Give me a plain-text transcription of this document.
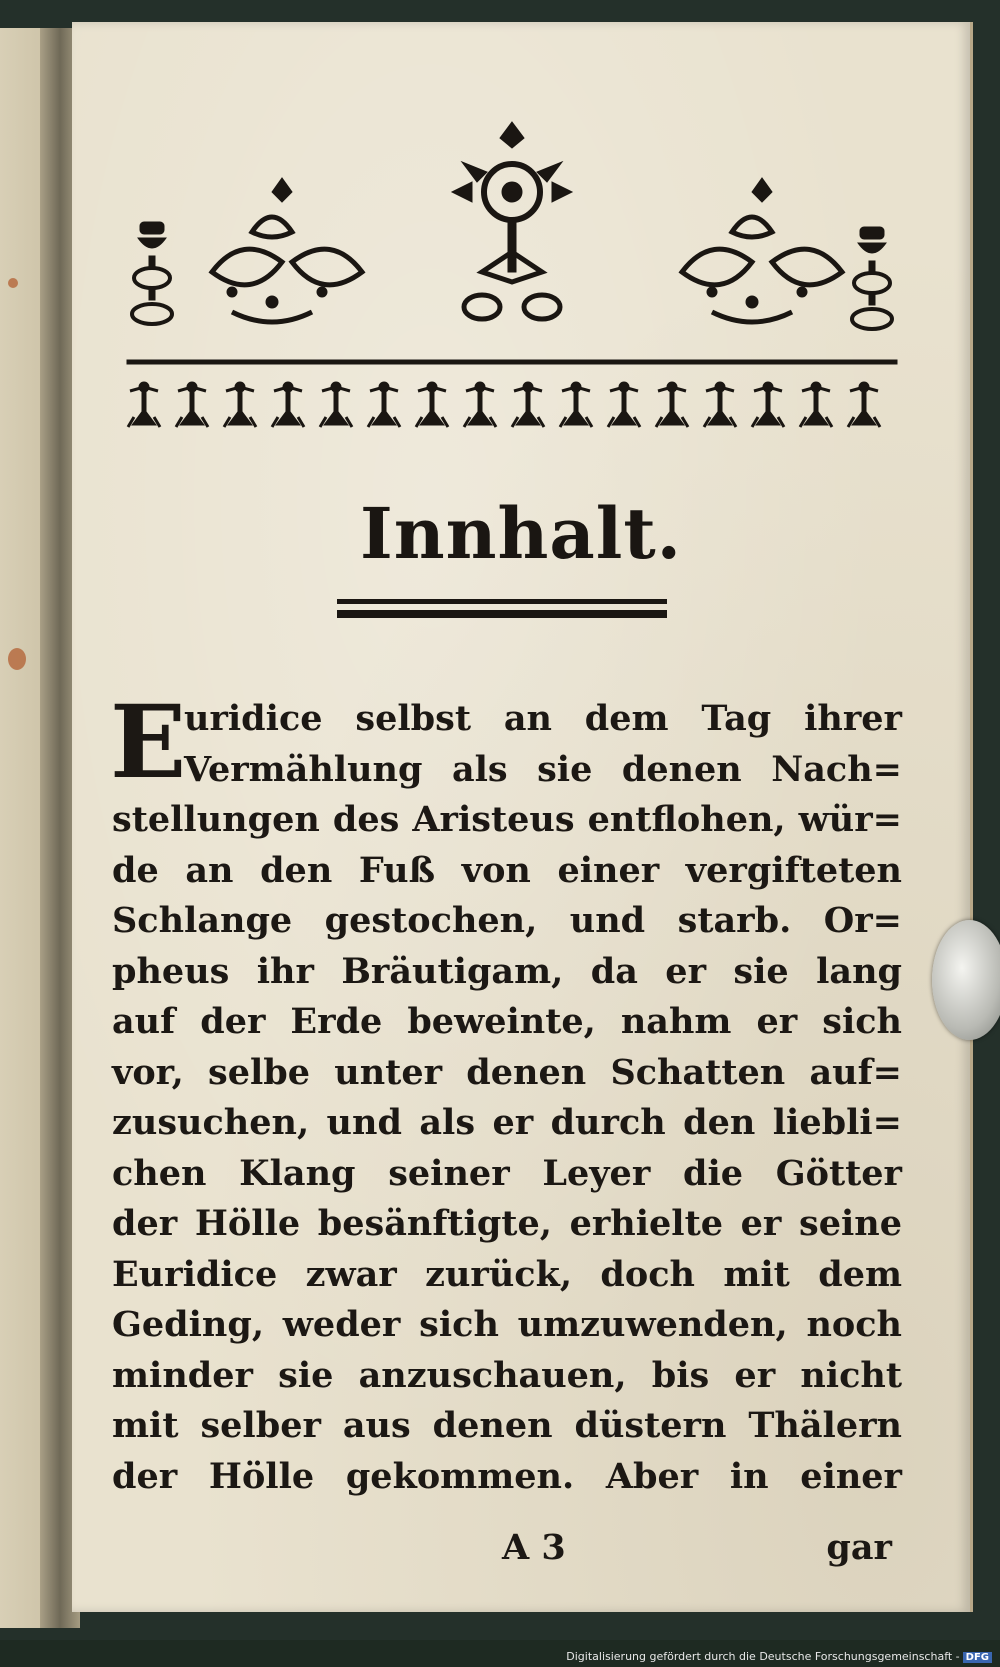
Innhalt.
E
uridice selbst an dem Tag ihrer
Vermählung als sie denen Nach=
stellungen des Aristeus entflohen, wür=
de an den Fuß von einer vergifteten
Schlange gestochen, und starb. Or=
pheus ihr Bräutigam, da er sie lang
auf der Erde beweinte, nahm er sich
vor, selbe unter denen Schatten auf=
zusuchen, und als er durch den liebli=
chen Klang seiner Leyer die Götter
der Hölle besänftigte, erhielte er seine
Euridice zwar zurück, doch mit dem
Geding, weder sich umzuwenden, noch
minder sie anzuschauen, bis er nicht
mit selber aus denen düstern Thälern
der Hölle gekommen. Aber in einer
A 3	gar
Digitalisierung gefördert durch die Deutsche Forschungsgemeinschaft - DFG
